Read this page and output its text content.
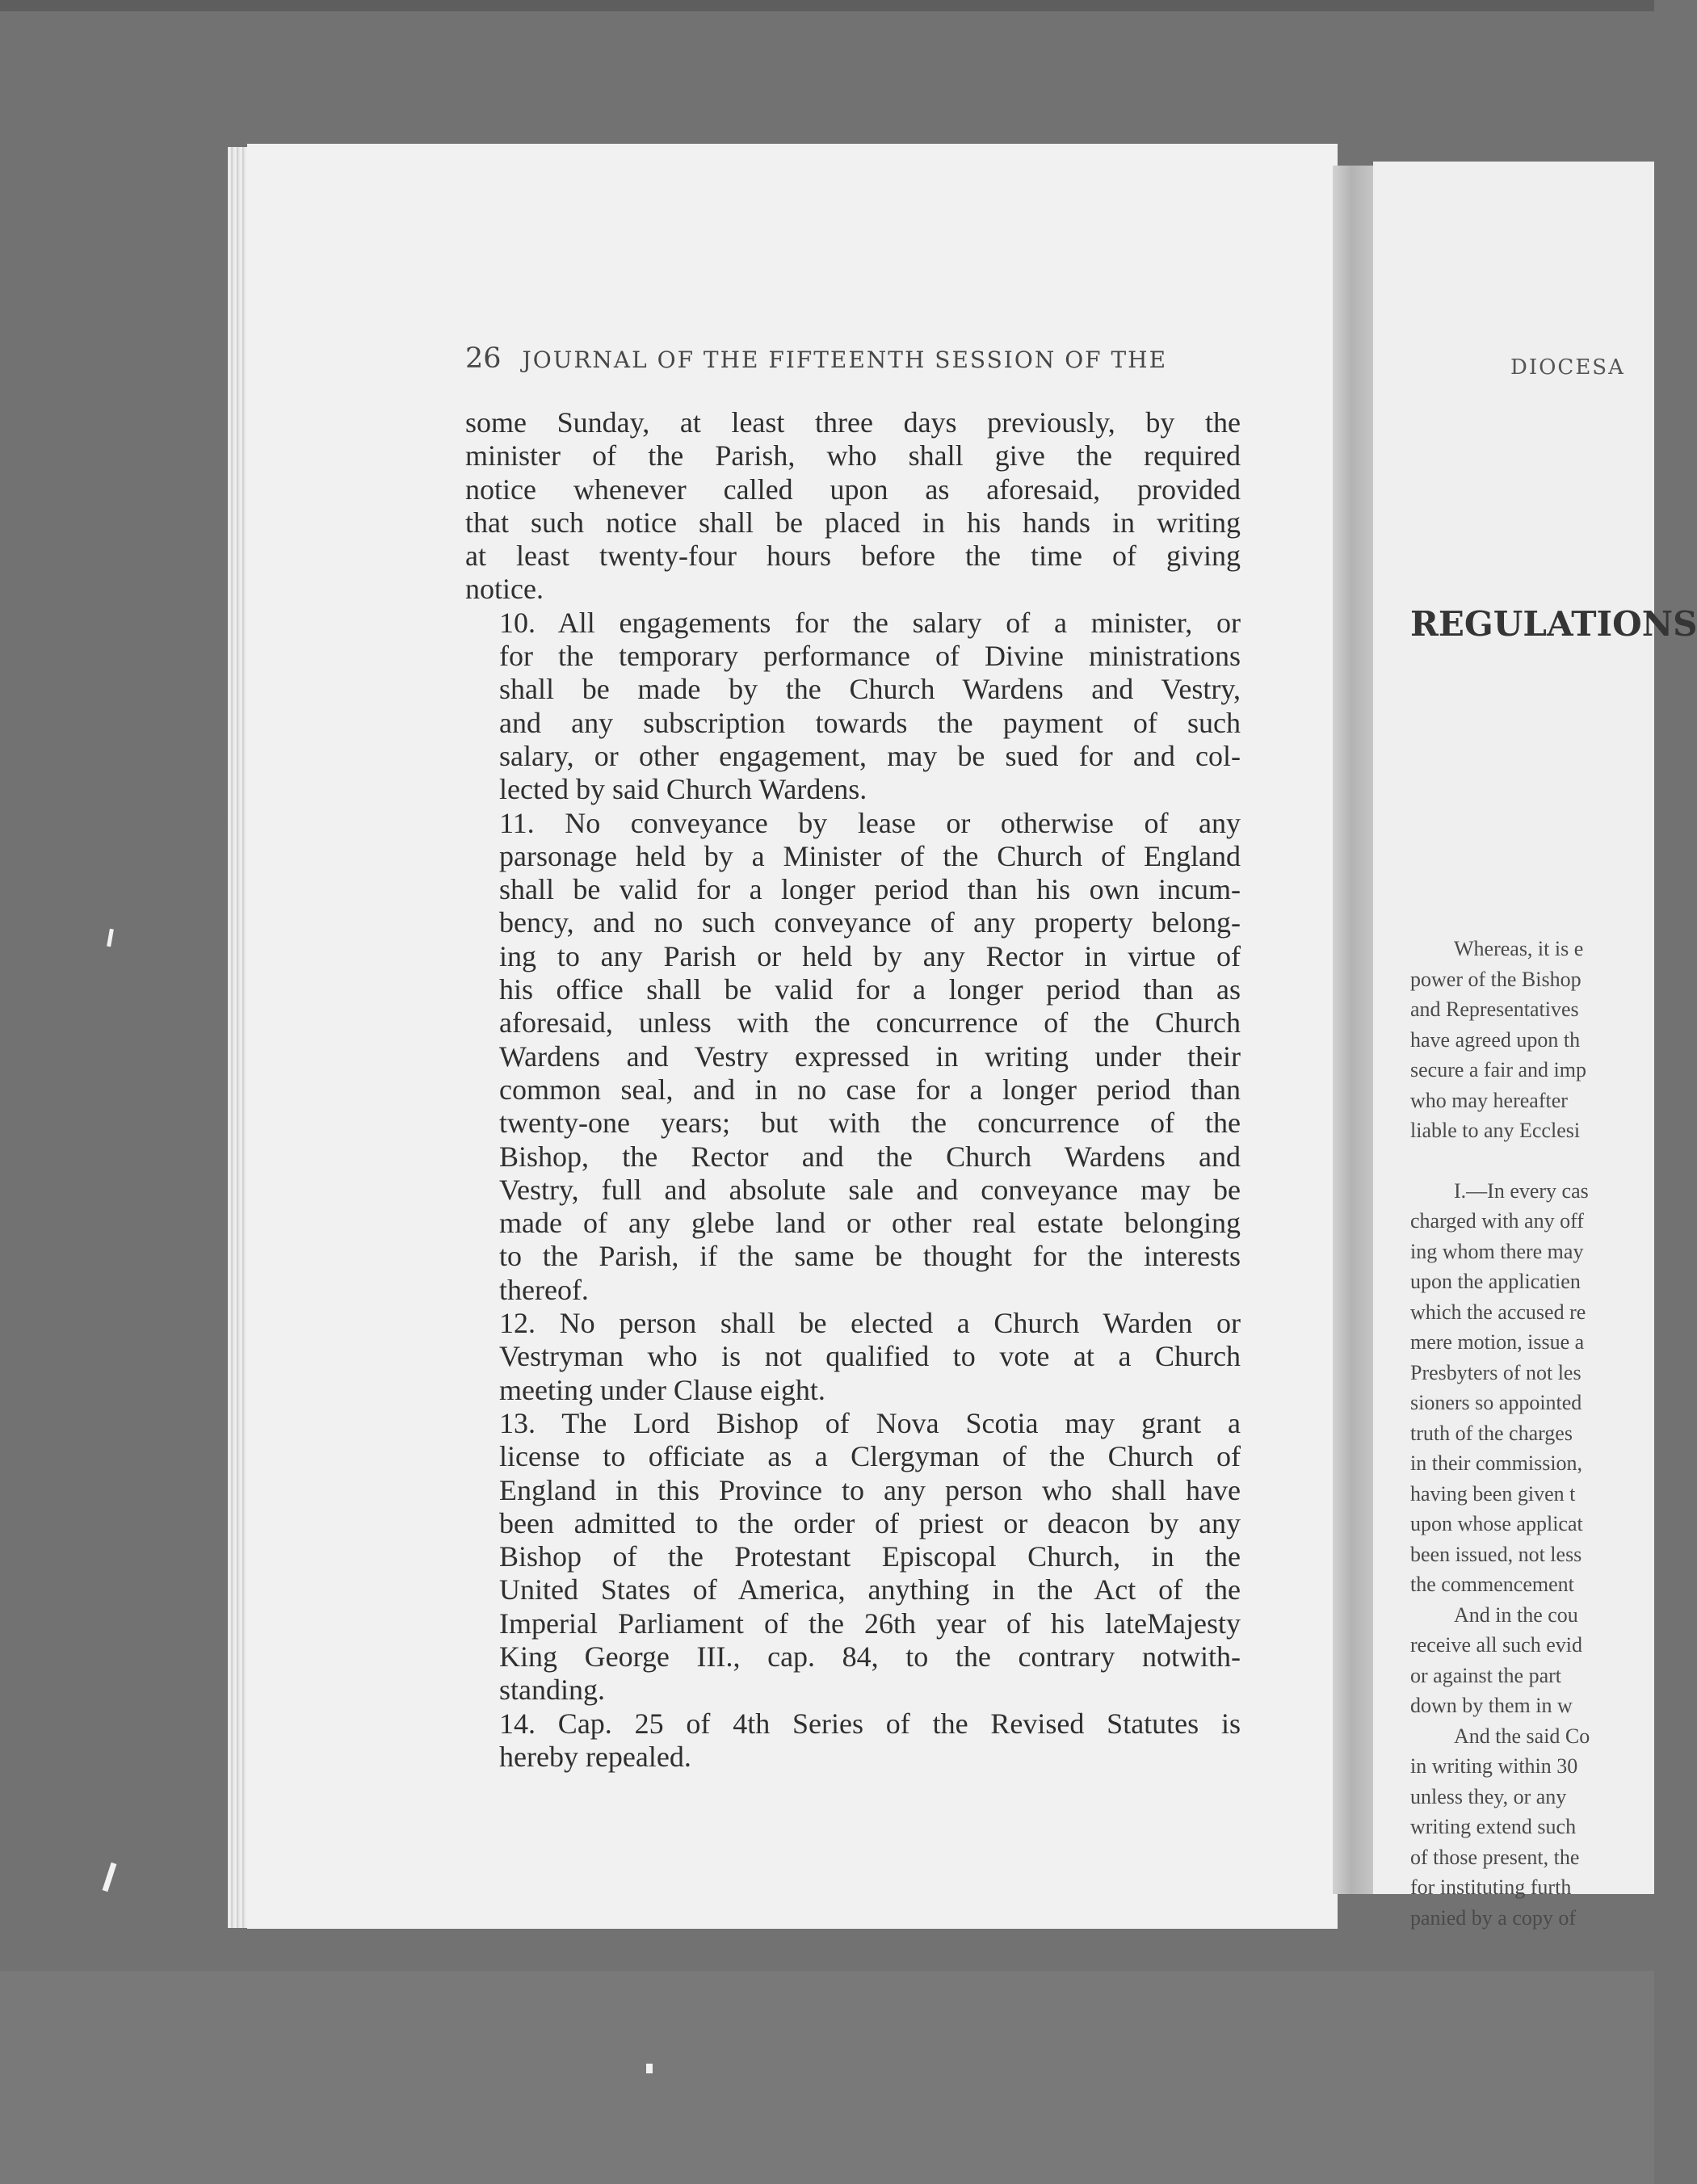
26 JOURNAL OF THE FIFTEENTH SESSION OF THE
some Sunday, at least three days previously, by the
minister of the Parish, who shall give the required
notice whenever called upon as aforesaid, provided
that such notice shall be placed in his hands in writing
at least twenty-four hours before the time of giving
notice.
10. All engagements for the salary of a minister, or
for the temporary performance of Divine ministrations
shall be made by the Church Wardens and Vestry,
and any subscription towards the payment of such
salary, or other engagement, may be sued for and col-
lected by said Church Wardens.
11. No conveyance by lease or otherwise of any
parsonage held by a Minister of the Church of England
shall be valid for a longer period than his own incum-
bency, and no such conveyance of any property belong-
ing to any Parish or held by any Rector in virtue of
his office shall be valid for a longer period than as
aforesaid, unless with the concurrence of the Church
Wardens and Vestry expressed in writing under their
common seal, and in no case for a longer period than
twenty-one years; but with the concurrence of the
Bishop, the Rector and the Church Wardens and
Vestry, full and absolute sale and conveyance may be
made of any glebe land or other real estate belonging
to the Parish, if the same be thought for the interests
thereof.
12. No person shall be elected a Church Warden or
Vestryman who is not qualified to vote at a Church
meeting under Clause eight.
13. The Lord Bishop of Nova Scotia may grant a
license to officiate as a Clergyman of the Church of
England in this Province to any person who shall have
been admitted to the order of priest or deacon by any
Bishop of the Protestant Episcopal Church, in the
United States of America, anything in the Act of the
Imperial Parliament of the 26th year of his lateMajesty
King George III., cap. 84, to the contrary notwith-
standing.
14. Cap. 25 of 4th Series of the Revised Statutes is
hereby repealed.
DIOCESA
REGULATIONS
Whereas, it is e
power of the Bishop
and Representatives
have agreed upon th
secure a fair and imp
who may hereafter
liable to any Ecclesi
I.—In every cas
charged with any off
ing whom there may
upon the applicatien
which the accused re
mere motion, issue a
Presbyters of not les
sioners so appointed
truth of the charges
in their commission,
having been given t
upon whose applicat
been issued, not less
the commencement
And in the cou
receive all such evid
or against the part
down by them in w
And the said Co
in writing within 30
unless they, or any
writing extend such
of those present, the
for instituting furth
panied by a copy of
